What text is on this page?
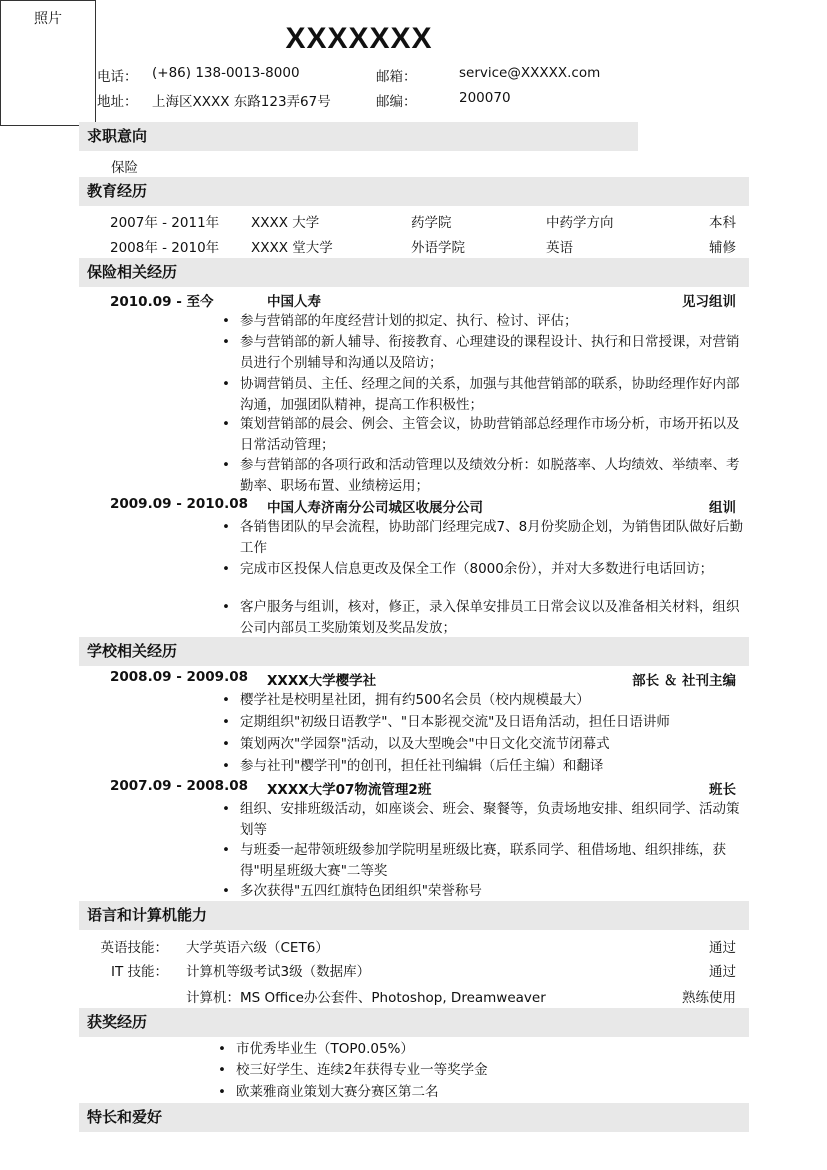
XXXXXXX
电话： (+86) 138-0013-8000	邮箱：	service@XXXXX.com
地址： 上海区XXXX 东路123弄67号	邮编：	200070
照片
求职意向
保险
教育经历
2007年 - 2011年 XXXX 大学	药学院	中药学方向	本科
2008年 - 2010年 XXXX 堂大学	外语学院	英语	辅修
保险相关经历
2010.09 - 至今	中国人寿	见习组训
• 参与营销部的年度经营计划的拟定、执行、检讨、评估；
• 参与营销部的新人辅导、衔接教育、心理建设的课程设计、执行和日常授课，对营销员进行个别辅导和沟通以及陪访；
• 协调营销员、主任、经理之间的关系，加强与其他营销部的联系，协助经理作好内部沟通，加强团队精神，提高工作积极性；
• 策划营销部的晨会、例会、主管会议，协助营销部总经理作市场分析，市场开拓以及日常活动管理；
• 参与营销部的各项行政和活动管理以及绩效分析：如脱落率、人均绩效、举绩率、考勤率、职场布置、业绩榜运用；
2009.09 - 2010.08 中国人寿济南分公司城区收展分公司	组训
• 各销售团队的早会流程，协助部门经理完成7、8月份奖励企划，为销售团队做好后勤工作
• 完成市区投保人信息更改及保全工作（8000余份），并对大多数进行电话回访；
• 客户服务与组训，核对，修正，录入保单安排员工日常会议以及准备相关材料，组织公司内部员工奖励策划及奖品发放；
学校相关经历
2008.09 - 2009.08 XXXX大学樱学社	部长 ＆ 社刊主编
• 樱学社是校明星社团，拥有约500名会员（校内规模最大）
• 定期组织"初级日语教学"、"日本影视交流"及日语角活动，担任日语讲师
• 策划两次"学园祭"活动，以及大型晚会"中日文化交流节闭幕式
• 参与社刊"樱学刊"的创刊，担任社刊编辑（后任主编）和翻译
2007.09 - 2008.08 XXXX大学07物流管理2班	班长
• 组织、安排班级活动，如座谈会、班会、聚餐等，负责场地安排、组织同学、活动策划等
• 与班委一起带领班级参加学院明星班级比赛，联系同学、租借场地、组织排练，获得"明星班级大赛"二等奖
• 多次获得"五四红旗特色团组织"荣誉称号
语言和计算机能力
英语技能： 大学英语六级（CET6）	通过
IT 技能： 计算机等级考试3级（数据库）	通过
计算机：MS Office办公套件、Photoshop, Dreamweaver	熟练使用
获奖经历
• 市优秀毕业生（TOP0.05%）
• 校三好学生、连续2年获得专业一等奖学金
• 欧莱雅商业策划大赛分赛区第二名
特长和爱好
